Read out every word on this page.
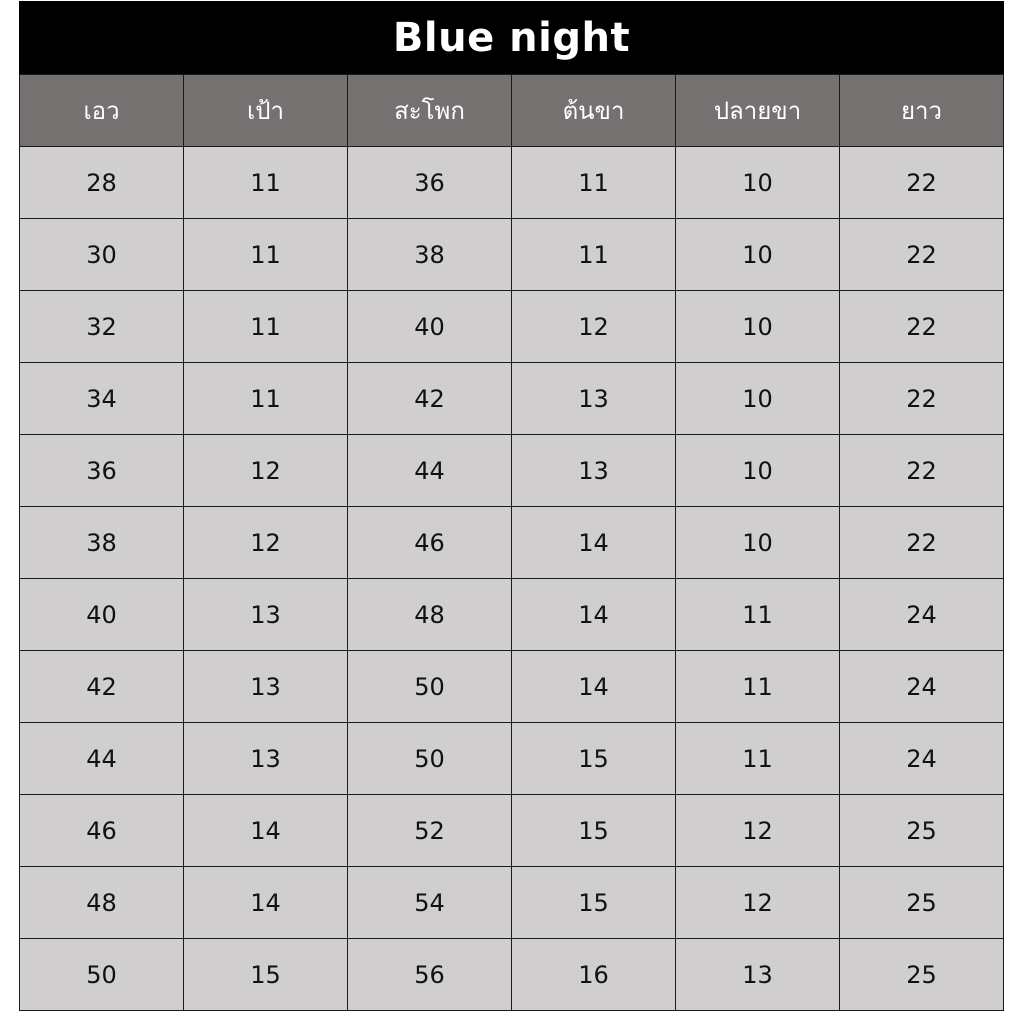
Blue night
เอว	เป้า	สะโพก	ต้นขา	ปลายขา	ยาว
28	11	36	11	10	22
30	11	38	11	10	22
32	11	40	12	10	22
34	11	42	13	10	22
36	12	44	13	10	22
38	12	46	14	10	22
40	13	48	14	11	24
42	13	50	14	11	24
44	13	50	15	11	24
46	14	52	15	12	25
48	14	54	15	12	25
50	15	56	16	13	25
